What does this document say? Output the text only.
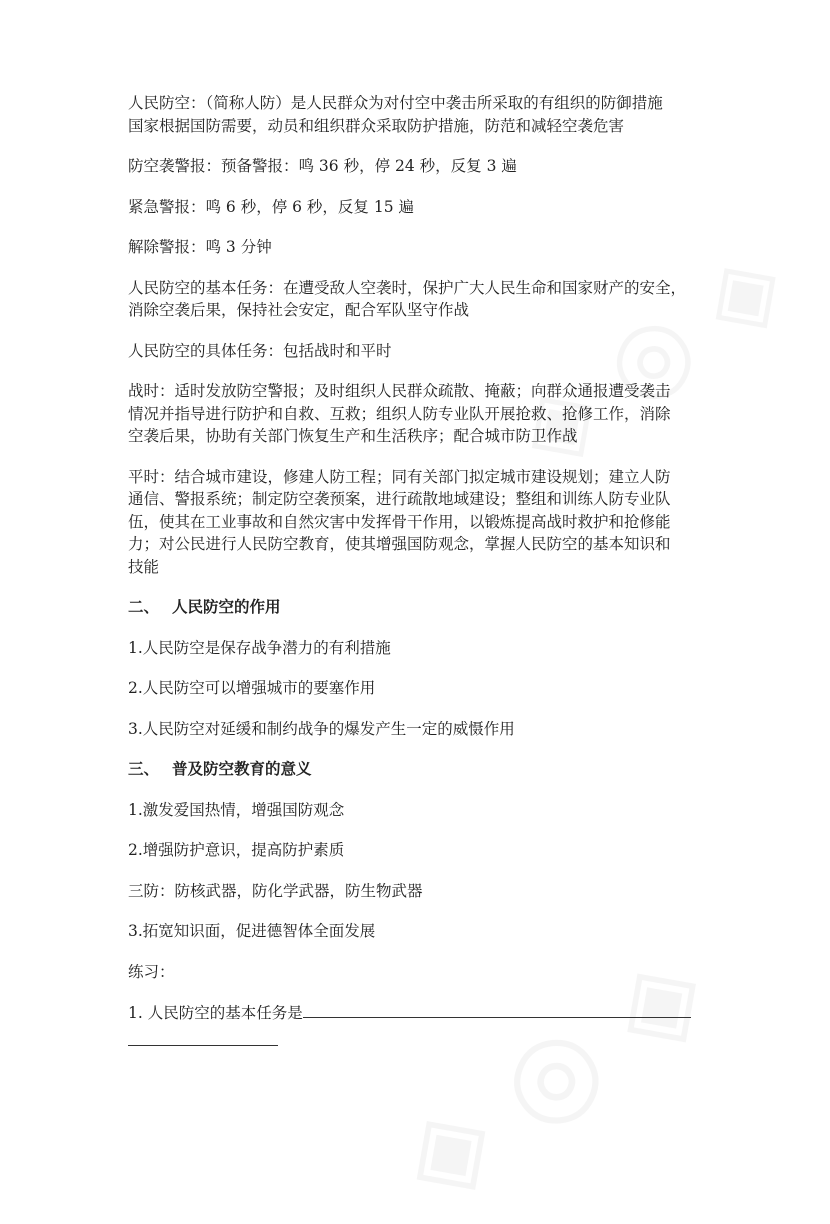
人民防空：（简称人防）是人民群众为对付空中袭击所采取的有组织的防御措施
国家根据国防需要，动员和组织群众采取防护措施，防范和减轻空袭危害

防空袭警报：预备警报：鸣 36 秒，停 24 秒，反复 3 遍

紧急警报：鸣 6 秒，停 6 秒，反复 15 遍

解除警报：鸣 3 分钟

人民防空的基本任务：在遭受敌人空袭时，保护广大人民生命和国家财产的安全，
消除空袭后果，保持社会安定，配合军队坚守作战

人民防空的具体任务：包括战时和平时

战时：适时发放防空警报；及时组织人民群众疏散、掩蔽；向群众通报遭受袭击
情况并指导进行防护和自救、互救；组织人防专业队开展抢救、抢修工作，消除
空袭后果，协助有关部门恢复生产和生活秩序；配合城市防卫作战

平时：结合城市建设，修建人防工程；同有关部门拟定城市建设规划；建立人防
通信、警报系统；制定防空袭预案，进行疏散地域建设；整组和训练人防专业队
伍，使其在工业事故和自然灾害中发挥骨干作用，以锻炼提高战时救护和抢修能
力；对公民进行人民防空教育，使其增强国防观念，掌握人民防空的基本知识和
技能

二、 人民防空的作用

1.人民防空是保存战争潜力的有利措施

2.人民防空可以增强城市的要塞作用

3.人民防空对延缓和制约战争的爆发产生一定的威慑作用

三、 普及防空教育的意义

1.激发爱国热情，增强国防观念

2.增强防护意识，提高防护素质

三防：防核武器，防化学武器，防生物武器

3.拓宽知识面，促进德智体全面发展

练习：

1. 人民防空的基本任务是
